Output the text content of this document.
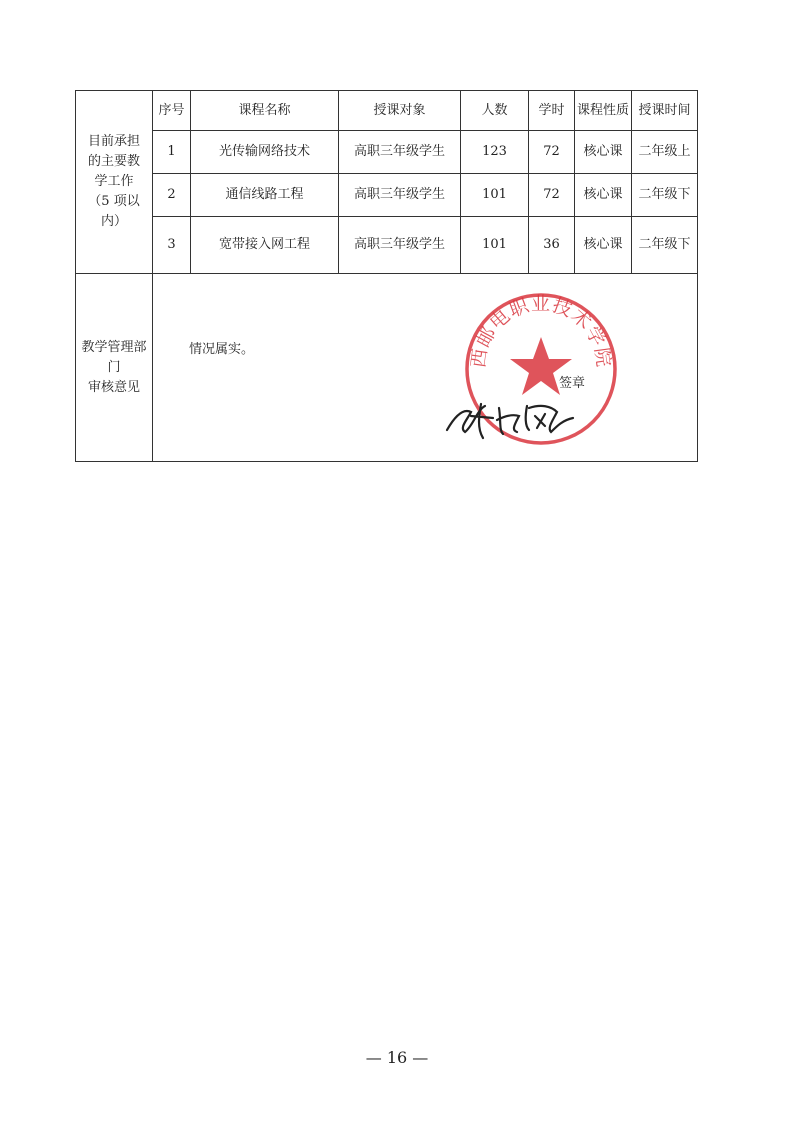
目前承担
的主要教
学工作
（5 项以
内）	序号	课程名称	授课对象	人数	学时	课程性质	授课时间
	1	光传输网络技术	高职三年级学生	123	72	核心课	二年级上
	2	通信线路工程	高职三年级学生	101	72	核心课	二年级下
	3	宽带接入网工程	高职三年级学生	101	36	核心课	二年级下

教学管理部门
审核意见	情况属实。 西邮电职业技术学院
签章						
— 16 —
